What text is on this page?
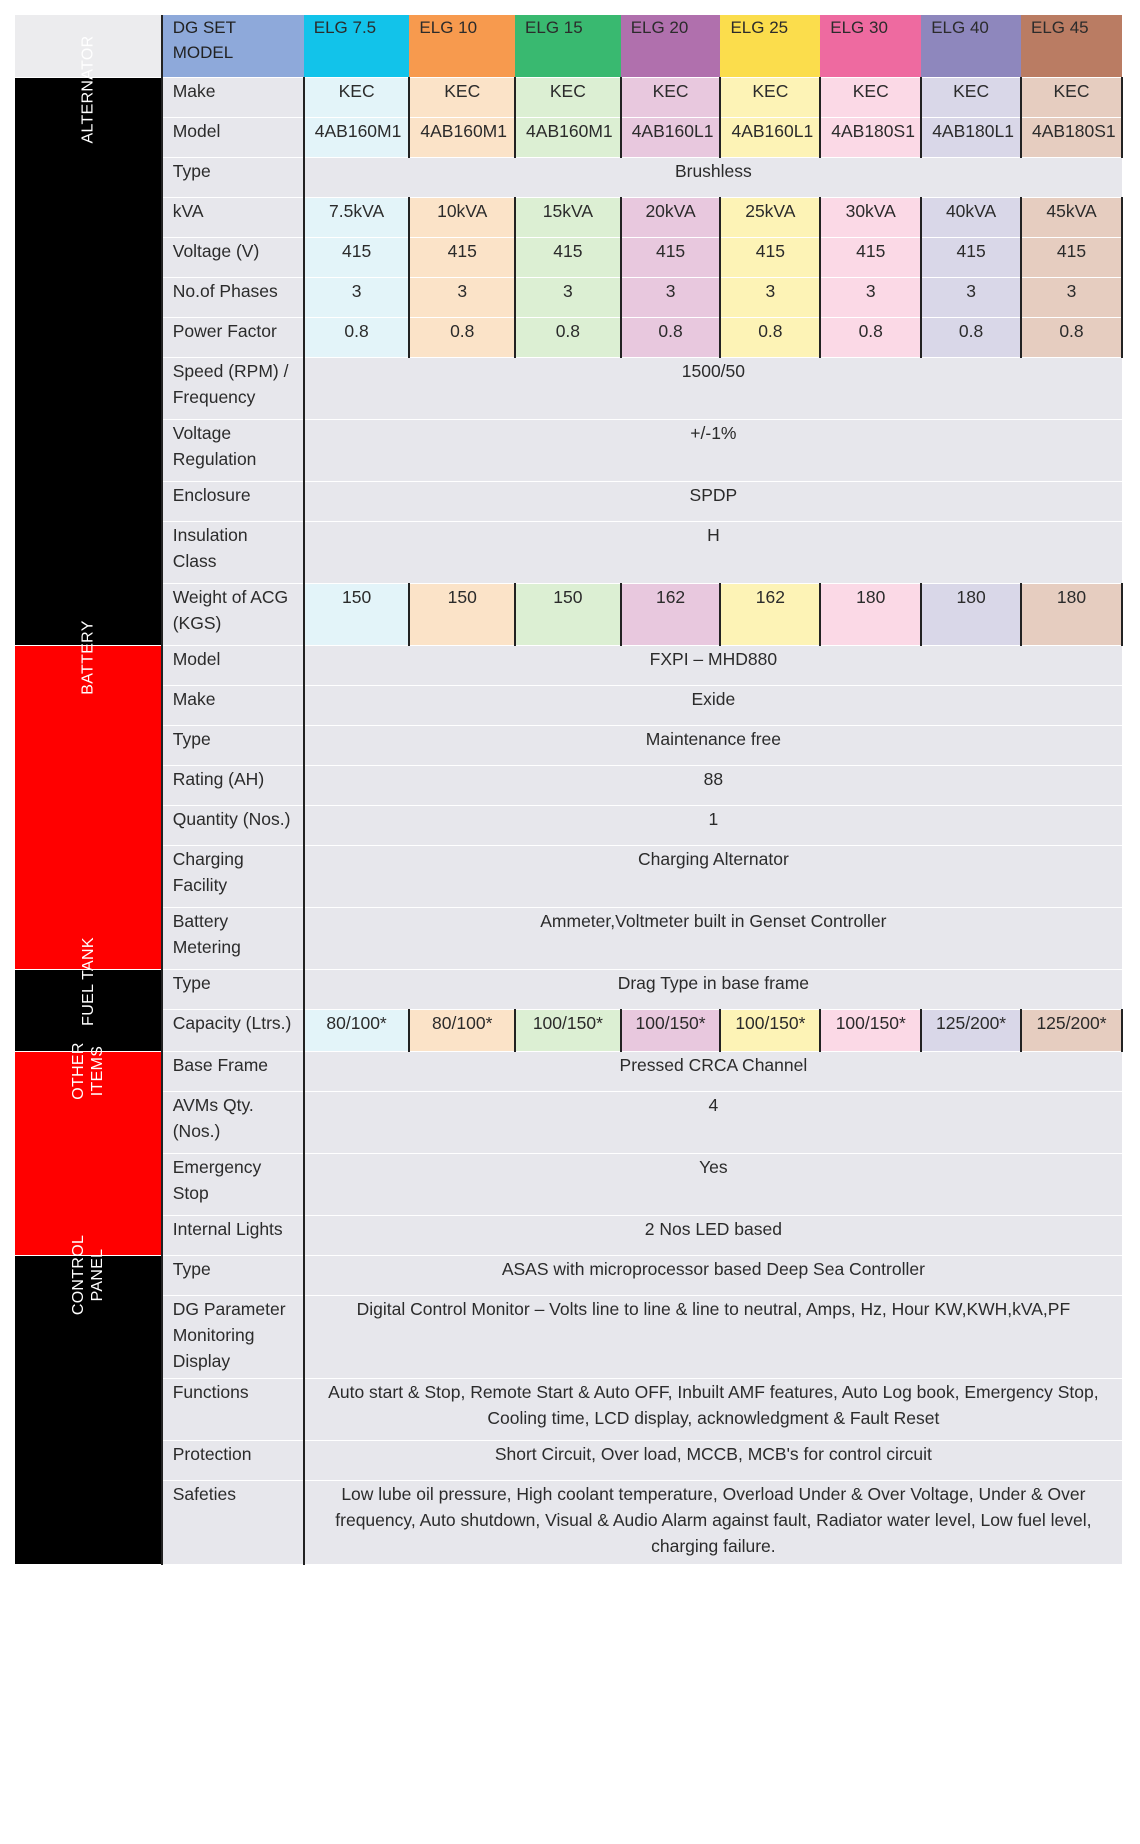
	DG SET MODEL	ELG 7.5	ELG 10	ELG 15	ELG 20	ELG 25	ELG 30	ELG 40	ELG 45
ALTERNATOR	Make	KEC	KEC	KEC	KEC	KEC	KEC	KEC	KEC
	Model	4AB160M1	4AB160M1	4AB160M1	4AB160L1	4AB160L1	4AB180S1	4AB180L1	4AB180S1
	Type	Brushless							
	kVA	7.5kVA	10kVA	15kVA	20kVA	25kVA	30kVA	40kVA	45kVA
	Voltage (V)	415	415	415	415	415	415	415	415
	No.of Phases	3	3	3	3	3	3	3	3
	Power Factor	0.8	0.8	0.8	0.8	0.8	0.8	0.8	0.8
	Speed (RPM) / Frequency	1500/50							
	Voltage Regulation	+/-1%							
	Enclosure	SPDP							
	Insulation Class	H							
	Weight of ACG (KGS)	150	150	150	162	162	180	180	180
BATTERY	Model	FXPI – MHD880							
	Make	Exide							
	Type	Maintenance free							
	Rating (AH)	88							
	Quantity (Nos.)	1							
	Charging Facility	Charging Alternator							
	Battery Metering	Ammeter,Voltmeter built in Genset Controller							
FUEL TANK	Type	Drag Type in base frame							
	Capacity (Ltrs.)	80/100*	80/100*	100/150*	100/150*	100/150*	100/150*	125/200*	125/200*
OTHER ITEMS	Base Frame	Pressed CRCA Channel							
	AVMs Qty. (Nos.)	4							
	Emergency Stop	Yes							
	Internal Lights	2 Nos LED based							
CONTROL PANEL	Type	ASAS with microprocessor based Deep Sea Controller							
	DG Parameter Monitoring Display	Digital Control Monitor – Volts line to line & line to neutral, Amps, Hz, Hour KW,KWH,kVA,PF							
	Functions	Auto start & Stop, Remote Start & Auto OFF, Inbuilt AMF features, Auto Log book, Emergency Stop, Cooling time, LCD display, acknowledgment & Fault Reset							
	Protection	Short Circuit, Over load, MCCB, MCB's for control circuit							
	Safeties	Low lube oil pressure, High coolant temperature, Overload Under & Over Voltage, Under & Over frequency, Auto shutdown, Visual & Audio Alarm against fault, Radiator water level, Low fuel level, charging failure.							
